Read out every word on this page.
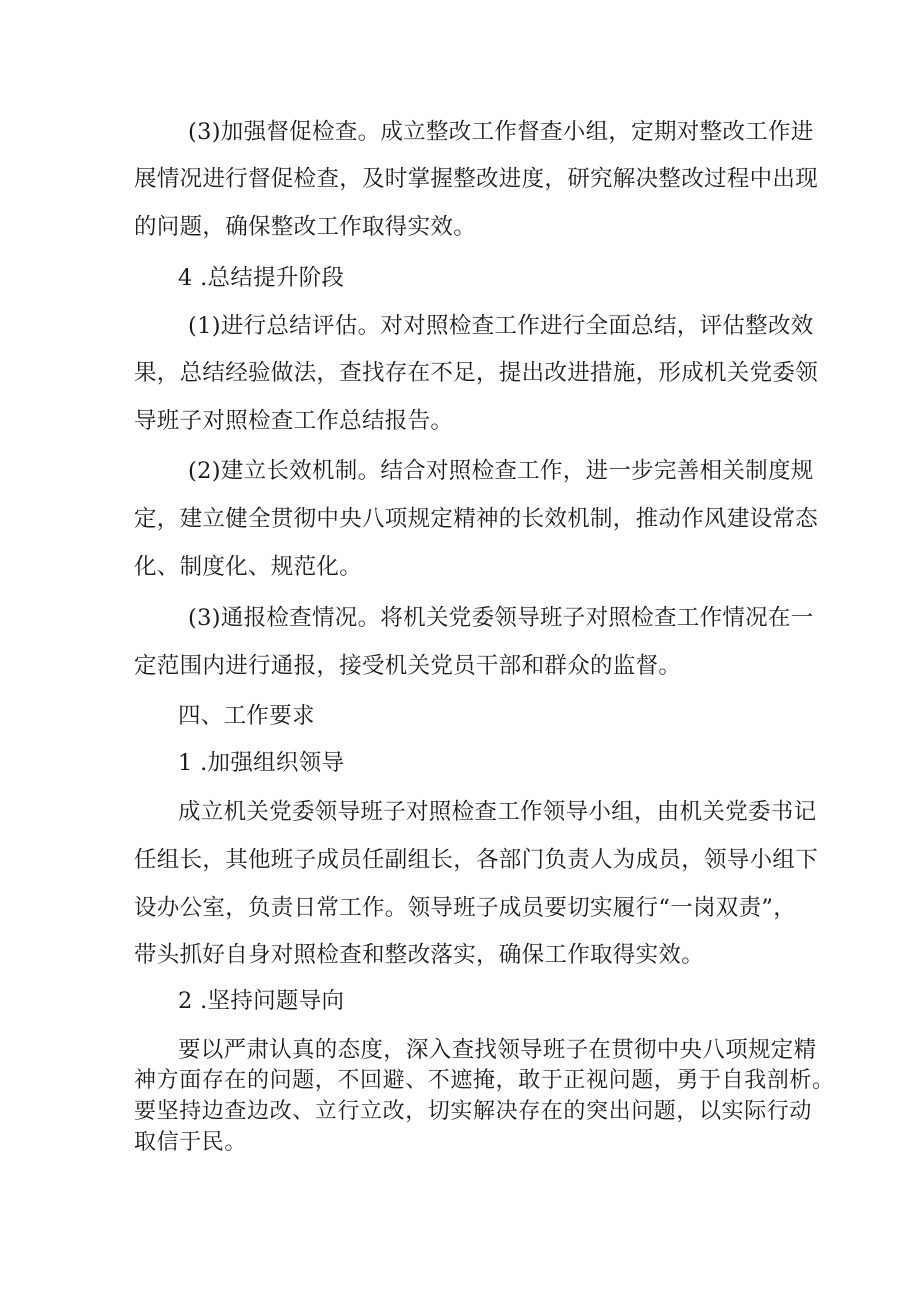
(3)加强督促检查。成立整改工作督查小组，定期对整改工作进
展情况进行督促检查，及时掌握整改进度，研究解决整改过程中出现
的问题，确保整改工作取得实效。
4 .总结提升阶段
(1)进行总结评估。对对照检查工作进行全面总结，评估整改效
果，总结经验做法，查找存在不足，提出改进措施，形成机关党委领
导班子对照检查工作总结报告。
(2)建立长效机制。结合对照检查工作，进一步完善相关制度规
定，建立健全贯彻中央八项规定精神的长效机制，推动作风建设常态
化、制度化、规范化。
(3)通报检查情况。将机关党委领导班子对照检查工作情况在一
定范围内进行通报，接受机关党员干部和群众的监督。
四、工作要求
1 .加强组织领导
成立机关党委领导班子对照检查工作领导小组，由机关党委书记
任组长，其他班子成员任副组长，各部门负责人为成员，领导小组下
设办公室，负责日常工作。领导班子成员要切实履行“一岗双责”，
带头抓好自身对照检查和整改落实，确保工作取得实效。
2 .坚持问题导向
要以严肃认真的态度，深入查找领导班子在贯彻中央八项规定精
神方面存在的问题，不回避、不遮掩，敢于正视问题，勇于自我剖析。
要坚持边查边改、立行立改，切实解决存在的突出问题，以实际行动
取信于民。
